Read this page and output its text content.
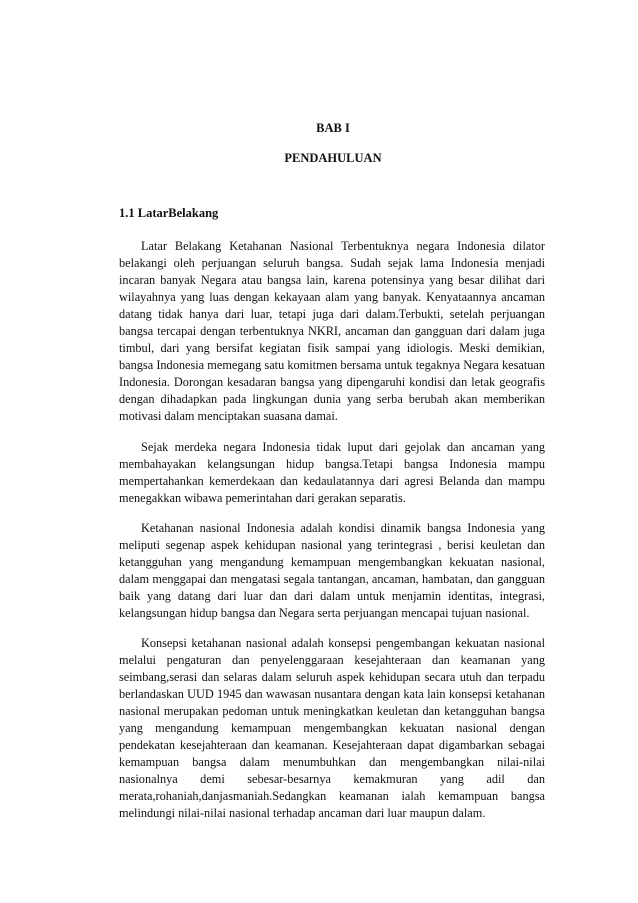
BAB I
PENDAHULUAN
1.1 LatarBelakang

Latar Belakang Ketahanan Nasional Terbentuknya negara Indonesia dilator belakangi oleh perjuangan seluruh bangsa. Sudah sejak lama Indonesia menjadi incaran banyak Negara atau bangsa lain, karena potensinya yang besar dilihat dari wilayahnya yang luas dengan kekayaan alam yang banyak. Kenyataannya ancaman datang tidak hanya dari luar, tetapi juga dari dalam.Terbukti, setelah perjuangan bangsa tercapai dengan terbentuknya NKRI, ancaman dan gangguan dari dalam juga timbul, dari yang bersifat kegiatan fisik sampai yang idiologis. Meski demikian, bangsa Indonesia memegang satu komitmen bersama untuk tegaknya Negara kesatuan Indonesia. Dorongan kesadaran bangsa yang dipengaruhi kondisi dan letak geografis dengan dihadapkan pada lingkungan dunia yang serba berubah akan memberikan motivasi dalam menciptakan suasana damai.

Sejak merdeka negara Indonesia tidak luput dari gejolak dan ancaman yang membahayakan kelangsungan hidup bangsa.Tetapi bangsa Indonesia mampu mempertahankan kemerdekaan dan kedaulatannya dari agresi Belanda dan mampu menegakkan wibawa pemerintahan dari gerakan separatis.

Ketahanan nasional Indonesia adalah kondisi dinamik bangsa Indonesia yang meliputi segenap aspek kehidupan nasional yang terintegrasi , berisi keuletan dan ketangguhan yang mengandung kemampuan mengembangkan kekuatan nasional, dalam menggapai dan mengatasi segala tantangan, ancaman, hambatan, dan gangguan baik yang datang dari luar dan dari dalam untuk menjamin identitas, integrasi, kelangsungan hidup bangsa dan Negara serta perjuangan mencapai tujuan nasional.

Konsepsi ketahanan nasional adalah konsepsi pengembangan kekuatan nasional melalui pengaturan dan penyelenggaraan kesejahteraan dan keamanan yang seimbang,serasi dan selaras dalam seluruh aspek kehidupan secara utuh dan terpadu berlandaskan UUD 1945 dan wawasan nusantara dengan kata lain konsepsi ketahanan nasional merupakan pedoman untuk meningkatkan keuletan dan ketangguhan bangsa yang mengandung kemampuan mengembangkan kekuatan nasional dengan pendekatan kesejahteraan dan keamanan. Kesejahteraan dapat digambarkan sebagai kemampuan bangsa dalam menumbuhkan dan mengembangkan nilai-nilai nasionalnya demi sebesar-besarnya kemakmuran yang adil dan merata,rohaniah,danjasmaniah.Sedangkan keamanan ialah kemampuan bangsa melindungi nilai-nilai nasional terhadap ancaman dari luar maupun dalam.
